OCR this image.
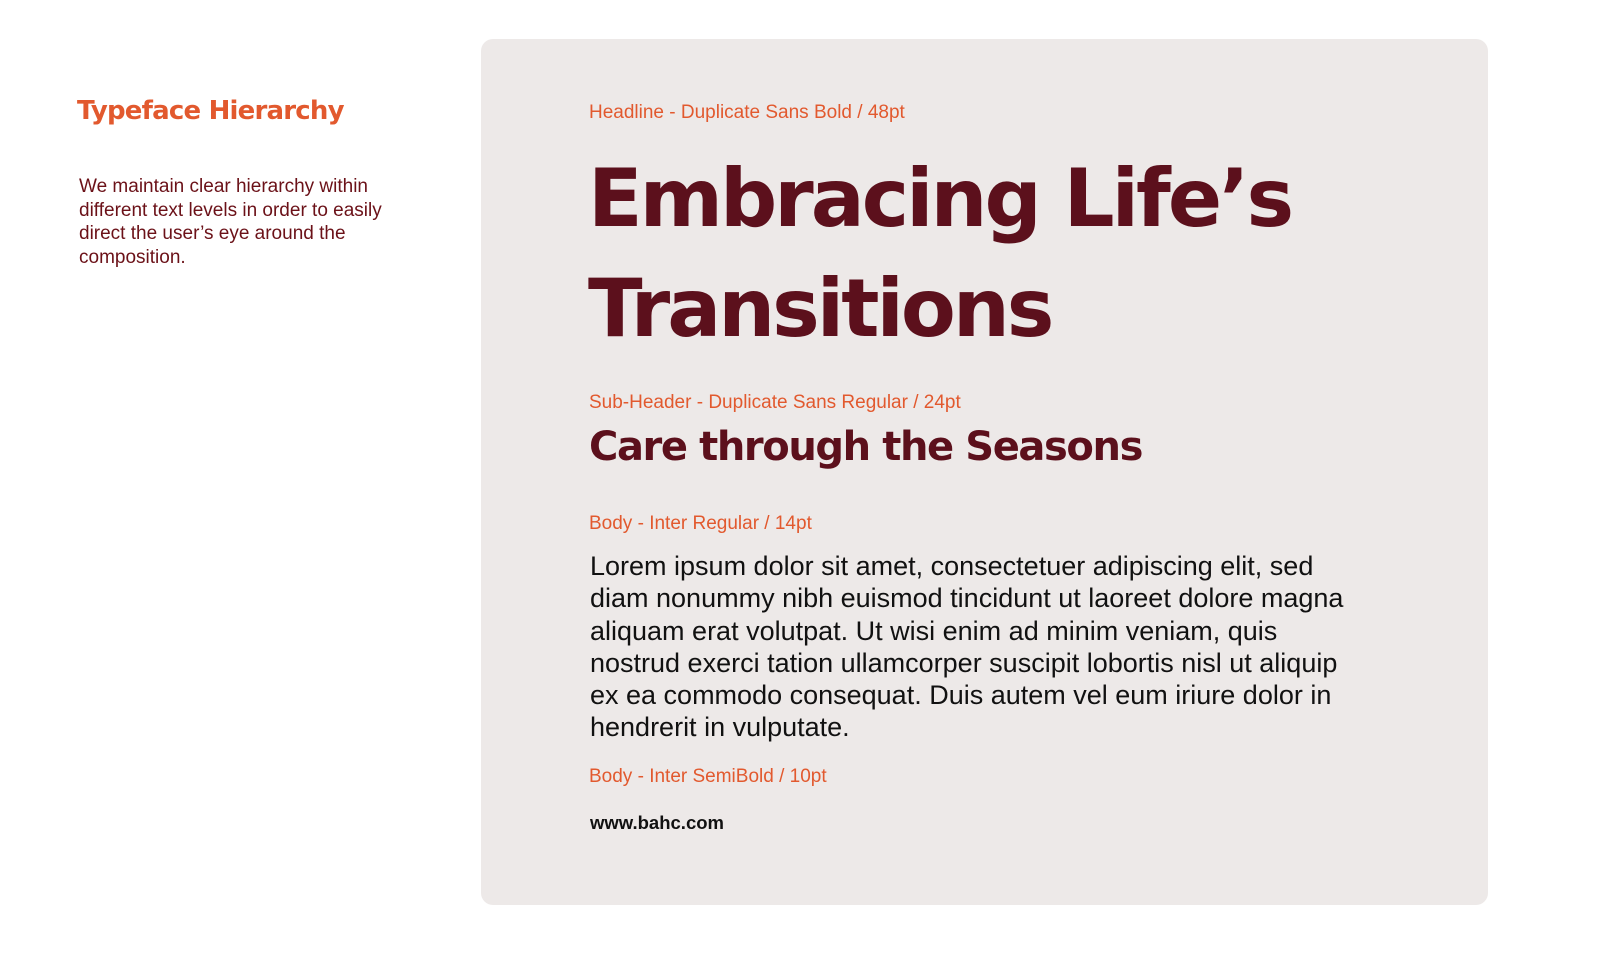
Typeface Hierarchy

We maintain clear hierarchy within different text levels in order to easily direct the user’s eye around the composition.

Headline - Duplicate Sans Bold / 48pt

Embracing Life’s Transitions

Sub-Header - Duplicate Sans Regular / 24pt

Care through the Seasons

Body - Inter Regular / 14pt

Lorem ipsum dolor sit amet, consectetuer adipiscing elit, sed diam nonummy nibh euismod tincidunt ut laoreet dolore magna aliquam erat volutpat. Ut wisi enim ad minim veniam, quis nostrud exerci tation ullamcorper suscipit lobortis nisl ut aliquip ex ea commodo consequat. Duis autem vel eum iriure dolor in hendrerit in vulputate.

Body - Inter SemiBold / 10pt

www.bahc.com
